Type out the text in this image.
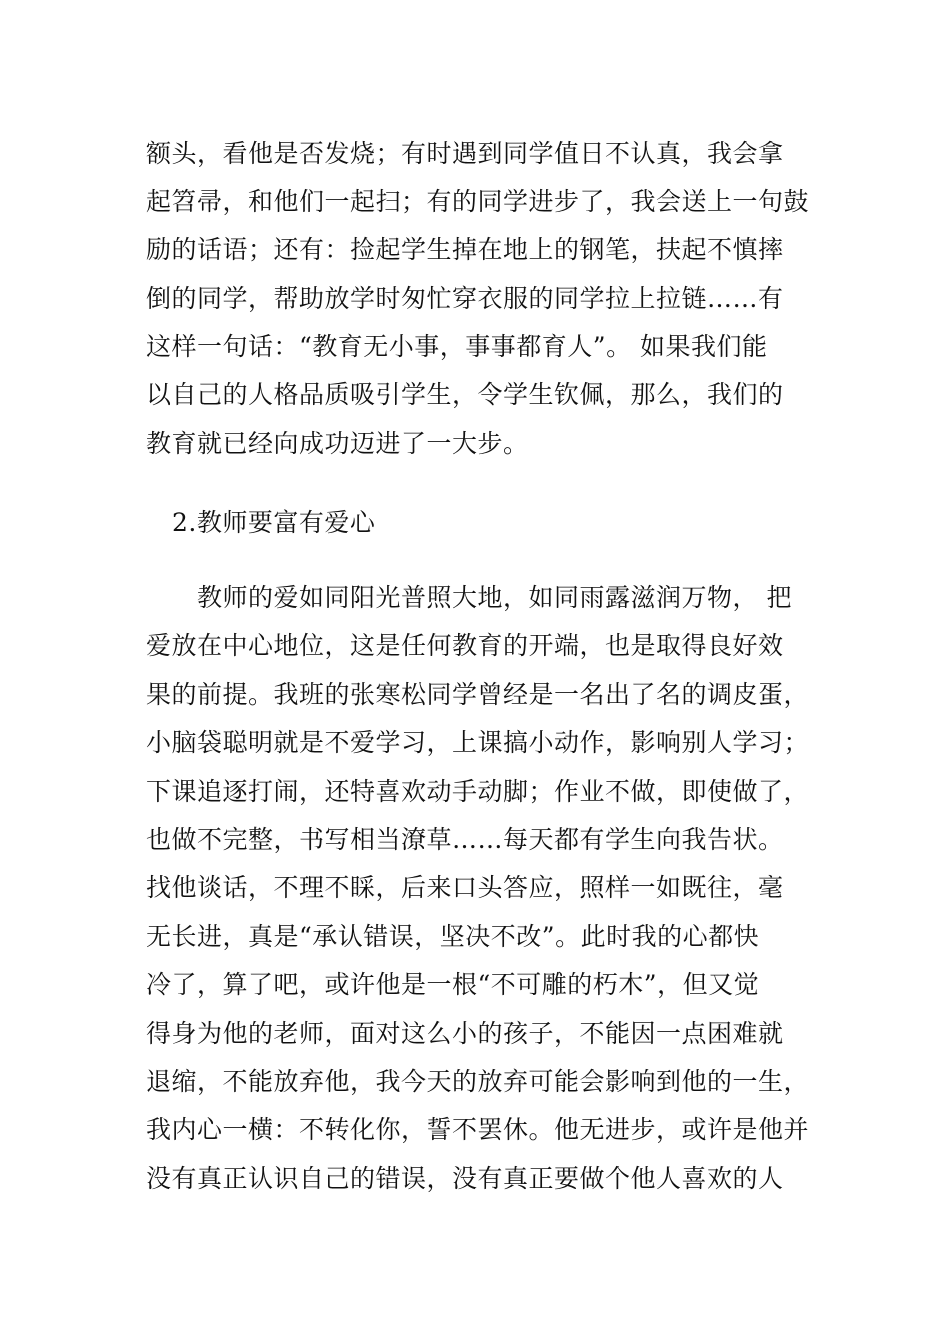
额头，看他是否发烧；有时遇到同学值日不认真，我会拿
起笤帚，和他们一起扫；有的同学进步了，我会送上一句鼓
励的话语；还有：捡起学生掉在地上的钢笔，扶起不慎摔
倒的同学，帮助放学时匆忙穿衣服的同学拉上拉链……有
这样一句话：“教育无小事，事事都育人”。 如果我们能
以自己的人格品质吸引学生，令学生钦佩，那么，我们的
教育就已经向成功迈进了一大步。
2.教师要富有爱心
教师的爱如同阳光普照大地，如同雨露滋润万物， 把
爱放在中心地位，这是任何教育的开端，也是取得良好效
果的前提。我班的张寒松同学曾经是一名出了名的调皮蛋，
小脑袋聪明就是不爱学习，上课搞小动作，影响别人学习；
下课追逐打闹，还特喜欢动手动脚；作业不做，即使做了，
也做不完整，书写相当潦草……每天都有学生向我告状。
找他谈话，不理不睬，后来口头答应，照样一如既往，毫
无长进，真是“承认错误，坚决不改”。此时我的心都快
冷了，算了吧，或许他是一根“不可雕的朽木”，但又觉
得身为他的老师，面对这么小的孩子，不能因一点困难就
退缩，不能放弃他，我今天的放弃可能会影响到他的一生，
我内心一横：不转化你，誓不罢休。他无进步，或许是他并
没有真正认识自己的错误，没有真正要做个他人喜欢的人
